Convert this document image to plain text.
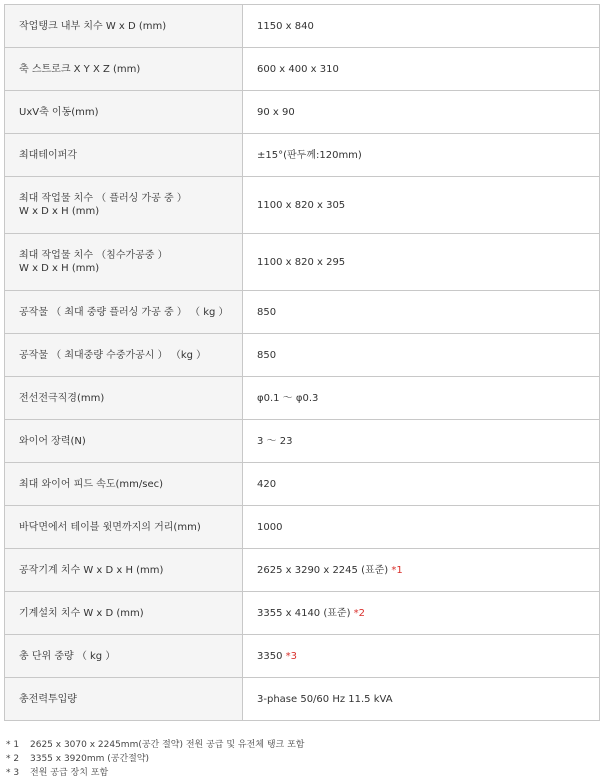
작업탱크 내부 치수 W x D (mm)	1150 x 840
축 스트로크 X Y X Z (mm)	600 x 400 x 310
UxV축 이동(mm)	90 x 90
최대테이퍼각	±15°(판두께:120mm)

최대 작업물 치수 （ 플러싱 가공 중 ）
W x D x H (mm)	1100 x 820 x 305

최대 작업물 치수 （침수가공중 ）
W x D x H (mm)	1100 x 820 x 295
공작물 （ 최대 중량 플러싱 가공 중 ） （ kg ）	850
공작물 （ 최대중량 수중가공시 ） （kg ）	850
전선전극직경(mm)	φ0.1 ～ φ0.3
와이어 장력(N)	3 ～ 23
최대 와이어 피드 속도(mm/sec)	420
바닥면에서 테이블 윗면까지의 거리(mm)	1000
공작기계 치수 W x D x H (mm)	2625 x 3290 x 2245 (표준) *1
기계설치 치수 W x D (mm)	3355 x 4140 (표준) *2
총 단위 중량 （ kg ）	3350 *3
총전력투입량	3-phase 50/60 Hz 11.5 kVA
* 1 2625 x 3070 x 2245mm(공간 절약) 전원 공급 및 유전체 탱크 포함
* 2 3355 x 3920mm (공간절약)
* 3 전원 공급 장치 포함
